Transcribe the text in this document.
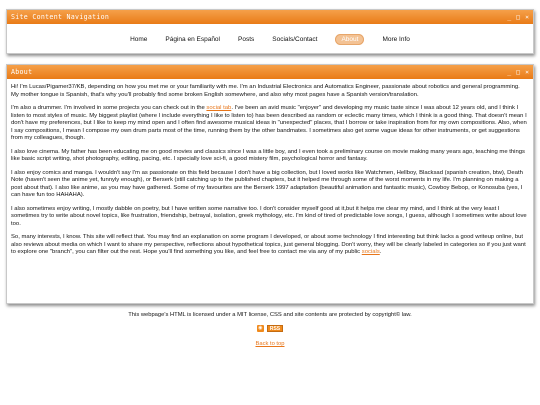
Site Content Navigation	_ □ ×
Home	Página en Español	Posts	Socials/Contact	About	More Info
About	_ □ ×

Hi! I'm Lucas/Pigamer37/KB, depending on how you met me or your familiarity with me. I'm an Industrial Electronics and Automatics Engineer, passionate about robotics and general programming. My mother tongue is Spanish, that's why you'll probably find some broken English somewhere, and also why most pages have a Spanish version/translation.

I'm also a drummer. I'm involved in some projects you can check out in the social tab. I've been an avid music "enjoyer" and developing my music taste since I was about 12 years old, and I think I listen to most styles of music. My biggest playlist (where I include everything I like to listen to) has been described as random or eclectic many times, which I think is a good thing. That doesn't mean I don't have my preferences, but I like to keep my mind open and I often find awesome musical ideas in "unexpected" places, that I borrow or take inspiration from for my own compositions. Also, when I say compositions, I mean I compose my own drum parts most of the time, running them by the other bandmates. I sometimes also get some vague ideas for other instruments, or get suggestions from my colleagues, though.

I also love cinema. My father has been educating me on good movies and classics since I was a little boy, and I even took a preliminary course on movie making many years ago, teaching me things like basic script writing, shot photography, editing, pacing, etc. I specially love sci-fi, a good mistery film, psychological horror and fantasy.

I also enjoy comics and manga. I wouldn't say I'm as passionate on this field because I don't have a big collection, but I loved works like Watchmen, Hellboy, Blacksad (spanish creation, btw), Death Note (haven't seen the anime yet, funnyly enough), or Berserk (still catching up to the published chapters, but it helped me through some of the worst moments in my life. I'm planning on making a post about that). I also like anime, as you may have gathered. Some of my favourites are the Berserk 1997 adaptation (beautiful animation and fantastic music), Cowboy Bebop, or Konosuba (yes, I can have fun too HAHAHA).

I also sometimes enjoy writing, I mostly dabble on poetry, but I have written some narrative too. I don't consider myself good at it,but it helps me clear my mind, and I think at the very least I sometimes try to write about novel topics, like frustration, friendship, betrayal, isolation, greek mythology, etc. I'm kind of tired of predictable love songs, I guess, although I sometimes write about love too.

So, many interests, I know. This site will reflect that. You may find an explanation on some program I developed, or about some technology I find interesting but think lacks a good writeup online, but also reviews about media on which I want to share my perspective, reflections about hypothetical topics, just general blogging. Don't worry, they will be clearly labeled in categories so if you just want to explore one "branch", you can filter out the rest. Hope you'll find something you like, and feel free to contact me via any of my public socials.

This webpage's HTML is licensed under a MIT license, CSS and site contents are protected by copyright© law.
◉	RSS
Back to top
